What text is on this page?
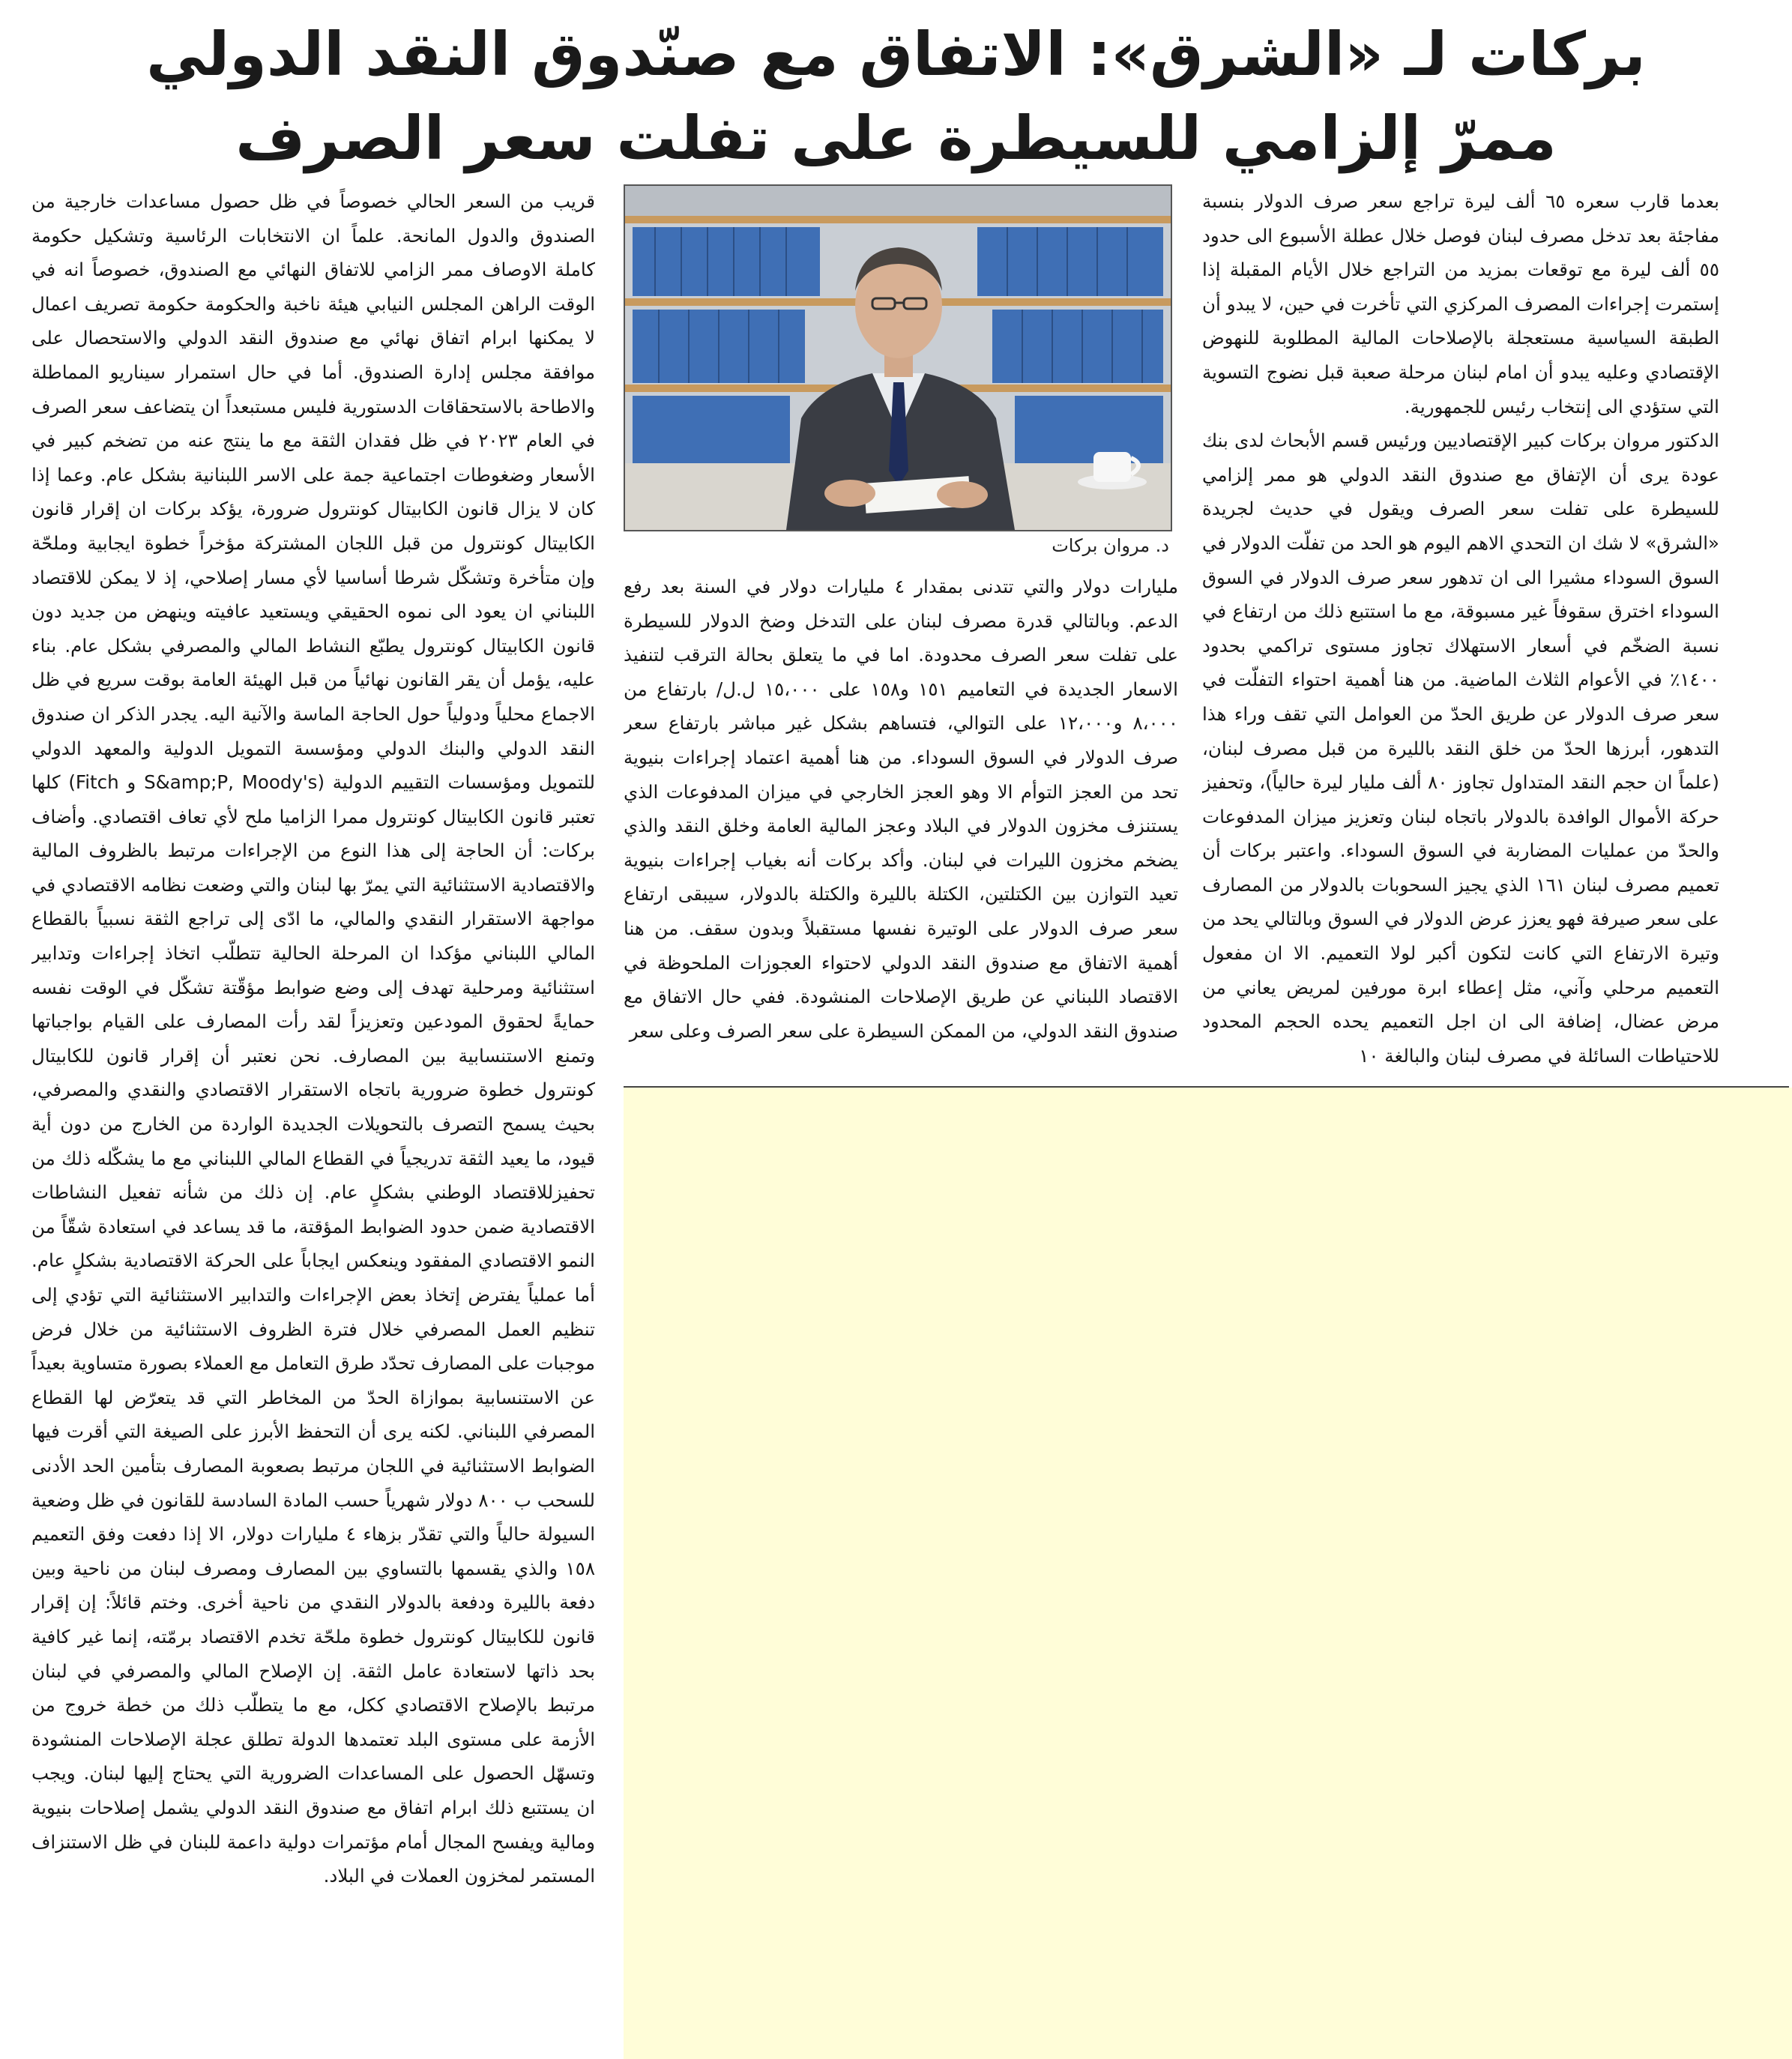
بركات لـ «الشرق»: الاتفاق مع صنّدوق النقد الدولي
ممرّ إلزامي للسيطرة على تفلت سعر الصرف

بعدما قارب سعره ٦٥ ألف ليرة تراجع سعر صرف الدولار بنسبة مفاجئة بعد تدخل مصرف لبنان فوصل خلال عطلة الأسبوع الى حدود ٥٥ ألف ليرة مع توقعات بمزيد من التراجع خلال الأيام المقبلة إذا إستمرت إجراءات المصرف المركزي التي تأخرت في حين، لا يبدو أن الطبقة السياسية مستعجلة بالإصلاحات المالية المطلوبة للنهوض الإقتصادي وعليه يبدو أن امام لبنان مرحلة صعبة قبل نضوج التسوية التي ستؤدي الى إنتخاب رئيس للجمهورية.

الدكتور مروان بركات كبير الإقتصاديين ورئيس قسم الأبحاث لدى بنك عودة يرى أن الإتفاق مع صندوق النقد الدولي هو ممر إلزامي للسيطرة على تفلت سعر الصرف ويقول في حديث لجريدة «الشرق» لا شك ان التحدي الاهم اليوم هو الحد من تفلّت الدولار في السوق السوداء مشيرا الى ان تدهور سعر صرف الدولار في السوق السوداء اخترق سقوفاً غير مسبوقة، مع ما استتبع ذلك من ارتفاع في نسبة الضخّم في أسعار الاستهلاك تجاوز مستوى تراكمي بحدود ١٤٠٠٪ في الأعوام الثلاث الماضية. من هنا أهمية احتواء التفلّت في سعر صرف الدولار عن طريق الحدّ من العوامل التي تقف وراء هذا التدهور، أبرزها الحدّ من خلق النقد بالليرة من قبل مصرف لبنان، (علماً ان حجم النقد المتداول تجاوز ٨٠ ألف مليار ليرة حالياً)، وتحفيز حركة الأموال الوافدة بالدولار باتجاه لبنان وتعزيز ميزان المدفوعات والحدّ من عمليات المضاربة في السوق السوداء. واعتبر بركات أن تعميم مصرف لبنان ١٦١ الذي يجيز السحوبات بالدولار من المصارف على سعر صيرفة فهو يعزز عرض الدولار في السوق وبالتالي يحد من وتيرة الارتفاع التي كانت لتكون أكبر لولا التعميم. الا ان مفعول التعميم مرحلي وآني، مثل إعطاء ابرة مورفين لمريض يعاني من مرض عضال، إضافة الى ان اجل التعميم يحده الحجم المحدود للاحتياطات السائلة في مصرف لبنان والبالغة ١٠

د. مروان بركات

مليارات دولار والتي تتدنى بمقدار ٤ مليارات دولار في السنة بعد رفع الدعم. وبالتالي قدرة مصرف لبنان على التدخل وضخ الدولار للسيطرة على تفلت سعر الصرف محدودة. اما في ما يتعلق بحالة الترقب لتنفيذ الاسعار الجديدة في التعاميم ١٥١ و١٥٨ على ١٥،٠٠٠ ل.ل/ بارتفاع من ٨،٠٠٠ و١٢،٠٠٠ على التوالي، فتساهم بشكل غير مباشر بارتفاع سعر صرف الدولار في السوق السوداء. من هنا أهمية اعتماد إجراءات بنيوية تحد من العجز التوأم الا وهو العجز الخارجي في ميزان المدفوعات الذي يستنزف مخزون الدولار في البلاد وعجز المالية العامة وخلق النقد والذي يضخم مخزون الليرات في لبنان. وأكد بركات أنه بغياب إجراءات بنيوية تعيد التوازن بين الكتلتين، الكتلة بالليرة والكتلة بالدولار، سيبقى ارتفاع سعر صرف الدولار على الوتيرة نفسها مستقبلاً وبدون سقف. من هنا أهمية الاتفاق مع صندوق النقد الدولي لاحتواء العجوزات الملحوظة في الاقتصاد اللبناني عن طريق الإصلاحات المنشودة. ففي حال الاتفاق مع صندوق النقد الدولي، من الممكن السيطرة على سعر الصرف وعلى سعر

قريب من السعر الحالي خصوصاً في ظل حصول مساعدات خارجية من الصندوق والدول المانحة. علماً ان الانتخابات الرئاسية وتشكيل حكومة كاملة الاوصاف ممر الزامي للاتفاق النهائي مع الصندوق، خصوصاً انه في الوقت الراهن المجلس النيابي هيئة ناخبة والحكومة حكومة تصريف اعمال لا يمكنها ابرام اتفاق نهائي مع صندوق النقد الدولي والاستحصال على موافقة مجلس إدارة الصندوق. أما في حال استمرار سيناريو المماطلة والاطاحة بالاستحقاقات الدستورية فليس مستبعداً ان يتضاعف سعر الصرف في العام ٢٠٢٣ في ظل فقدان الثقة مع ما ينتج عنه من تضخم كبير في الأسعار وضغوطات اجتماعية جمة على الاسر اللبنانية بشكل عام. وعما إذا كان لا يزال قانون الكابيتال كونترول ضرورة، يؤكد بركات ان إقرار قانون الكابيتال كونترول من قبل اللجان المشتركة مؤخراً خطوة ايجابية وملحّة وإن متأخرة وتشكّل شرطا أساسيا لأي مسار إصلاحي، إذ لا يمكن للاقتصاد اللبناني ان يعود الى نموه الحقيقي ويستعيد عافيته وينهض من جديد دون قانون الكابيتال كونترول يطبّع النشاط المالي والمصرفي بشكل عام. بناء عليه، يؤمل أن يقر القانون نهائياً من قبل الهيئة العامة بوقت سريع في ظل الاجماع محلياً ودولياً حول الحاجة الماسة والآنية اليه. يجدر الذكر ان صندوق النقد الدولي والبنك الدولي ومؤسسة التمويل الدولية والمعهد الدولي للتمويل ومؤسسات التقييم الدولية (S&amp;P, Moody's و Fitch) كلها تعتبر قانون الكابيتال كونترول ممرا الزاميا ملح لأي تعاف اقتصادي. وأضاف بركات: أن الحاجة إلى هذا النوع من الإجراءات مرتبط بالظروف المالية والاقتصادية الاستثنائية التي يمرّ بها لبنان والتي وضعت نظامه الاقتصادي في مواجهة الاستقرار النقدي والمالي، ما ادّى إلى تراجع الثقة نسبياً بالقطاع المالي اللبناني مؤكدا ان المرحلة الحالية تتطلّب اتخاذ إجراءات وتدابير استثنائية ومرحلية تهدف إلى وضع ضوابط مؤقّتة تشكّل في الوقت نفسه حمايةً لحقوق المودعين وتعزيزاً لقد رأت المصارف على القيام بواجباتها وتمنع الاستنسابية بين المصارف. نحن نعتبر أن إقرار قانون للكابيتال كونترول خطوة ضرورية باتجاه الاستقرار الاقتصادي والنقدي والمصرفي، بحيث يسمح التصرف بالتحويلات الجديدة الواردة من الخارج من دون أية قيود، ما يعيد الثقة تدريجياً في القطاع المالي اللبناني مع ما يشكّله ذلك من تحفيزللاقتصاد الوطني بشكلٍ عام. إن ذلك من شأنه تفعيل النشاطات الاقتصادية ضمن حدود الضوابط المؤقتة، ما قد يساعد في استعادة شقّاً من النمو الاقتصادي المفقود وينعكس ايجاباً على الحركة الاقتصادية بشكلٍ عام. أما عملياً يفترض إتخاذ بعض الإجراءات والتدابير الاستثنائية التي تؤدي إلى تنظيم العمل المصرفي خلال فترة الظروف الاستثنائية من خلال فرض موجبات على المصارف تحدّد طرق التعامل مع العملاء بصورة متساوية بعيداً عن الاستنسابية بموازاة الحدّ من المخاطر التي قد يتعرّض لها القطاع المصرفي اللبناني. لكنه يرى أن التحفظ الأبرز على الصيغة التي أقرت فيها الضوابط الاستثنائية في اللجان مرتبط بصعوبة المصارف بتأمين الحد الأدنى للسحب ب ٨٠٠ دولار شهرياً حسب المادة السادسة للقانون في ظل وضعية السيولة حالياً والتي تقدّر بزهاء ٤ مليارات دولار، الا إذا دفعت وفق التعميم ١٥٨ والذي يقسمها بالتساوي بين المصارف ومصرف لبنان من ناحية وبين دفعة بالليرة ودفعة بالدولار النقدي من ناحية أخرى. وختم قائلاً: إن إقرار قانون للكابيتال كونترول خطوة ملحّة تخدم الاقتصاد برمّته، إنما غير كافية بحد ذاتها لاستعادة عامل الثقة. إن الإصلاح المالي والمصرفي في لبنان مرتبط بالإصلاح الاقتصادي ككل، مع ما يتطلّب ذلك من خطة خروج من الأزمة على مستوى البلد تعتمدها الدولة تطلق عجلة الإصلاحات المنشودة وتسهّل الحصول على المساعدات الضرورية التي يحتاج إليها لبنان. ويجب ان يستتبع ذلك ابرام اتفاق مع صندوق النقد الدولي يشمل إصلاحات بنيوية ومالية ويفسح المجال أمام مؤتمرات دولية داعمة للبنان في ظل الاستنزاف المستمر لمخزون العملات في البلاد.
